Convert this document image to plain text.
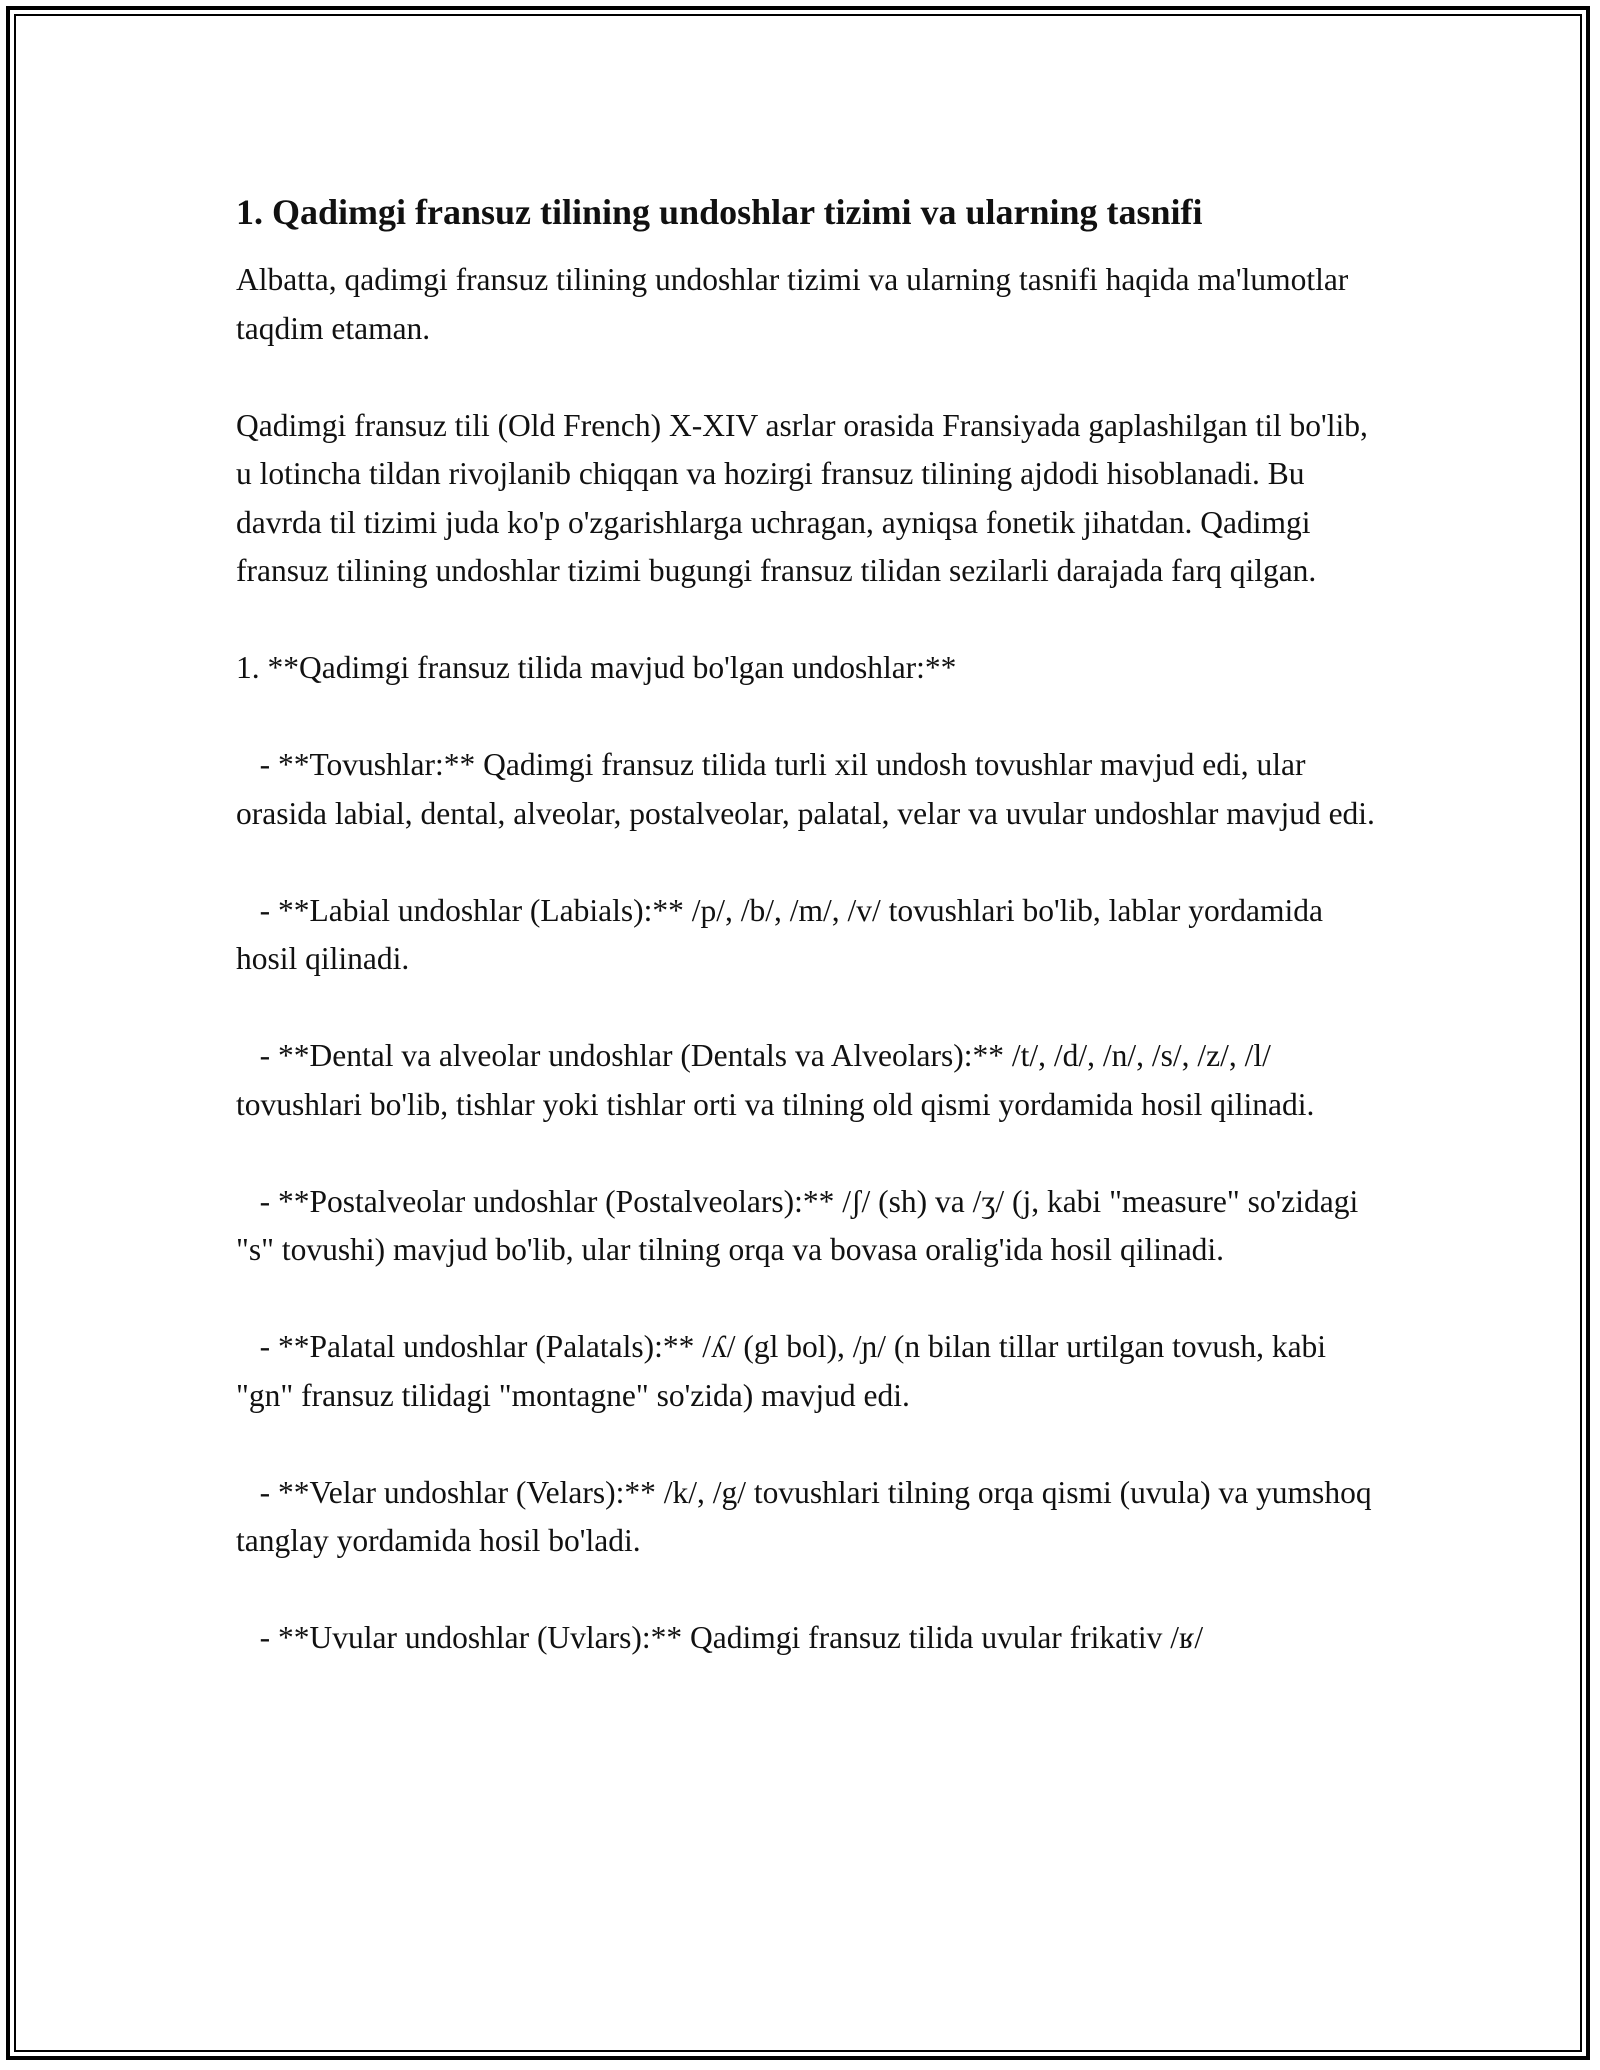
1. Qadimgi fransuz tilining undoshlar tizimi va ularning tasnifi
Albatta, qadimgi fransuz tilining undoshlar tizimi va ularning tasnifi haqida ma'lumotlar taqdim etaman.
Qadimgi fransuz tili (Old French) X-XIV asrlar orasida Fransiyada gaplashilgan til bo'lib, u lotincha tildan rivojlanib chiqqan va hozirgi fransuz tilining ajdodi hisoblanadi. Bu davrda til tizimi juda ko'p o'zgarishlarga uchragan, ayniqsa fonetik jihatdan. Qadimgi fransuz tilining undoshlar tizimi bugungi fransuz tilidan sezilarli darajada farq qilgan.
1. **Qadimgi fransuz tilida mavjud bo'lgan undoshlar:**
- **Tovushlar:** Qadimgi fransuz tilida turli xil undosh tovushlar mavjud edi, ular orasida labial, dental, alveolar, postalveolar, palatal, velar va uvular undoshlar mavjud edi.
- **Labial undoshlar (Labials):** /p/, /b/, /m/, /v/ tovushlari bo'lib, lablar yordamida hosil qilinadi.
- **Dental va alveolar undoshlar (Dentals va Alveolars):** /t/, /d/, /n/, /s/, /z/, /l/ tovushlari bo'lib, tishlar yoki tishlar orti va tilning old qismi yordamida hosil qilinadi.
- **Postalveolar undoshlar (Postalveolars):** /ʃ/ (sh) va /ʒ/ (j, kabi "measure" so'zidagi "s" tovushi) mavjud bo'lib, ular tilning orqa va bovasa oralig'ida hosil qilinadi.
- **Palatal undoshlar (Palatals):** /ʎ/ (gl bol), /ɲ/ (n bilan tillar urtilgan tovush, kabi "gn" fransuz tilidagi "montagne" so'zida) mavjud edi.
- **Velar undoshlar (Velars):** /k/, /g/ tovushlari tilning orqa qismi (uvula) va yumshoq tanglay yordamida hosil bo'ladi.
- **Uvular undoshlar (Uvlars):** Qadimgi fransuz tilida uvular frikativ /ʁ/
